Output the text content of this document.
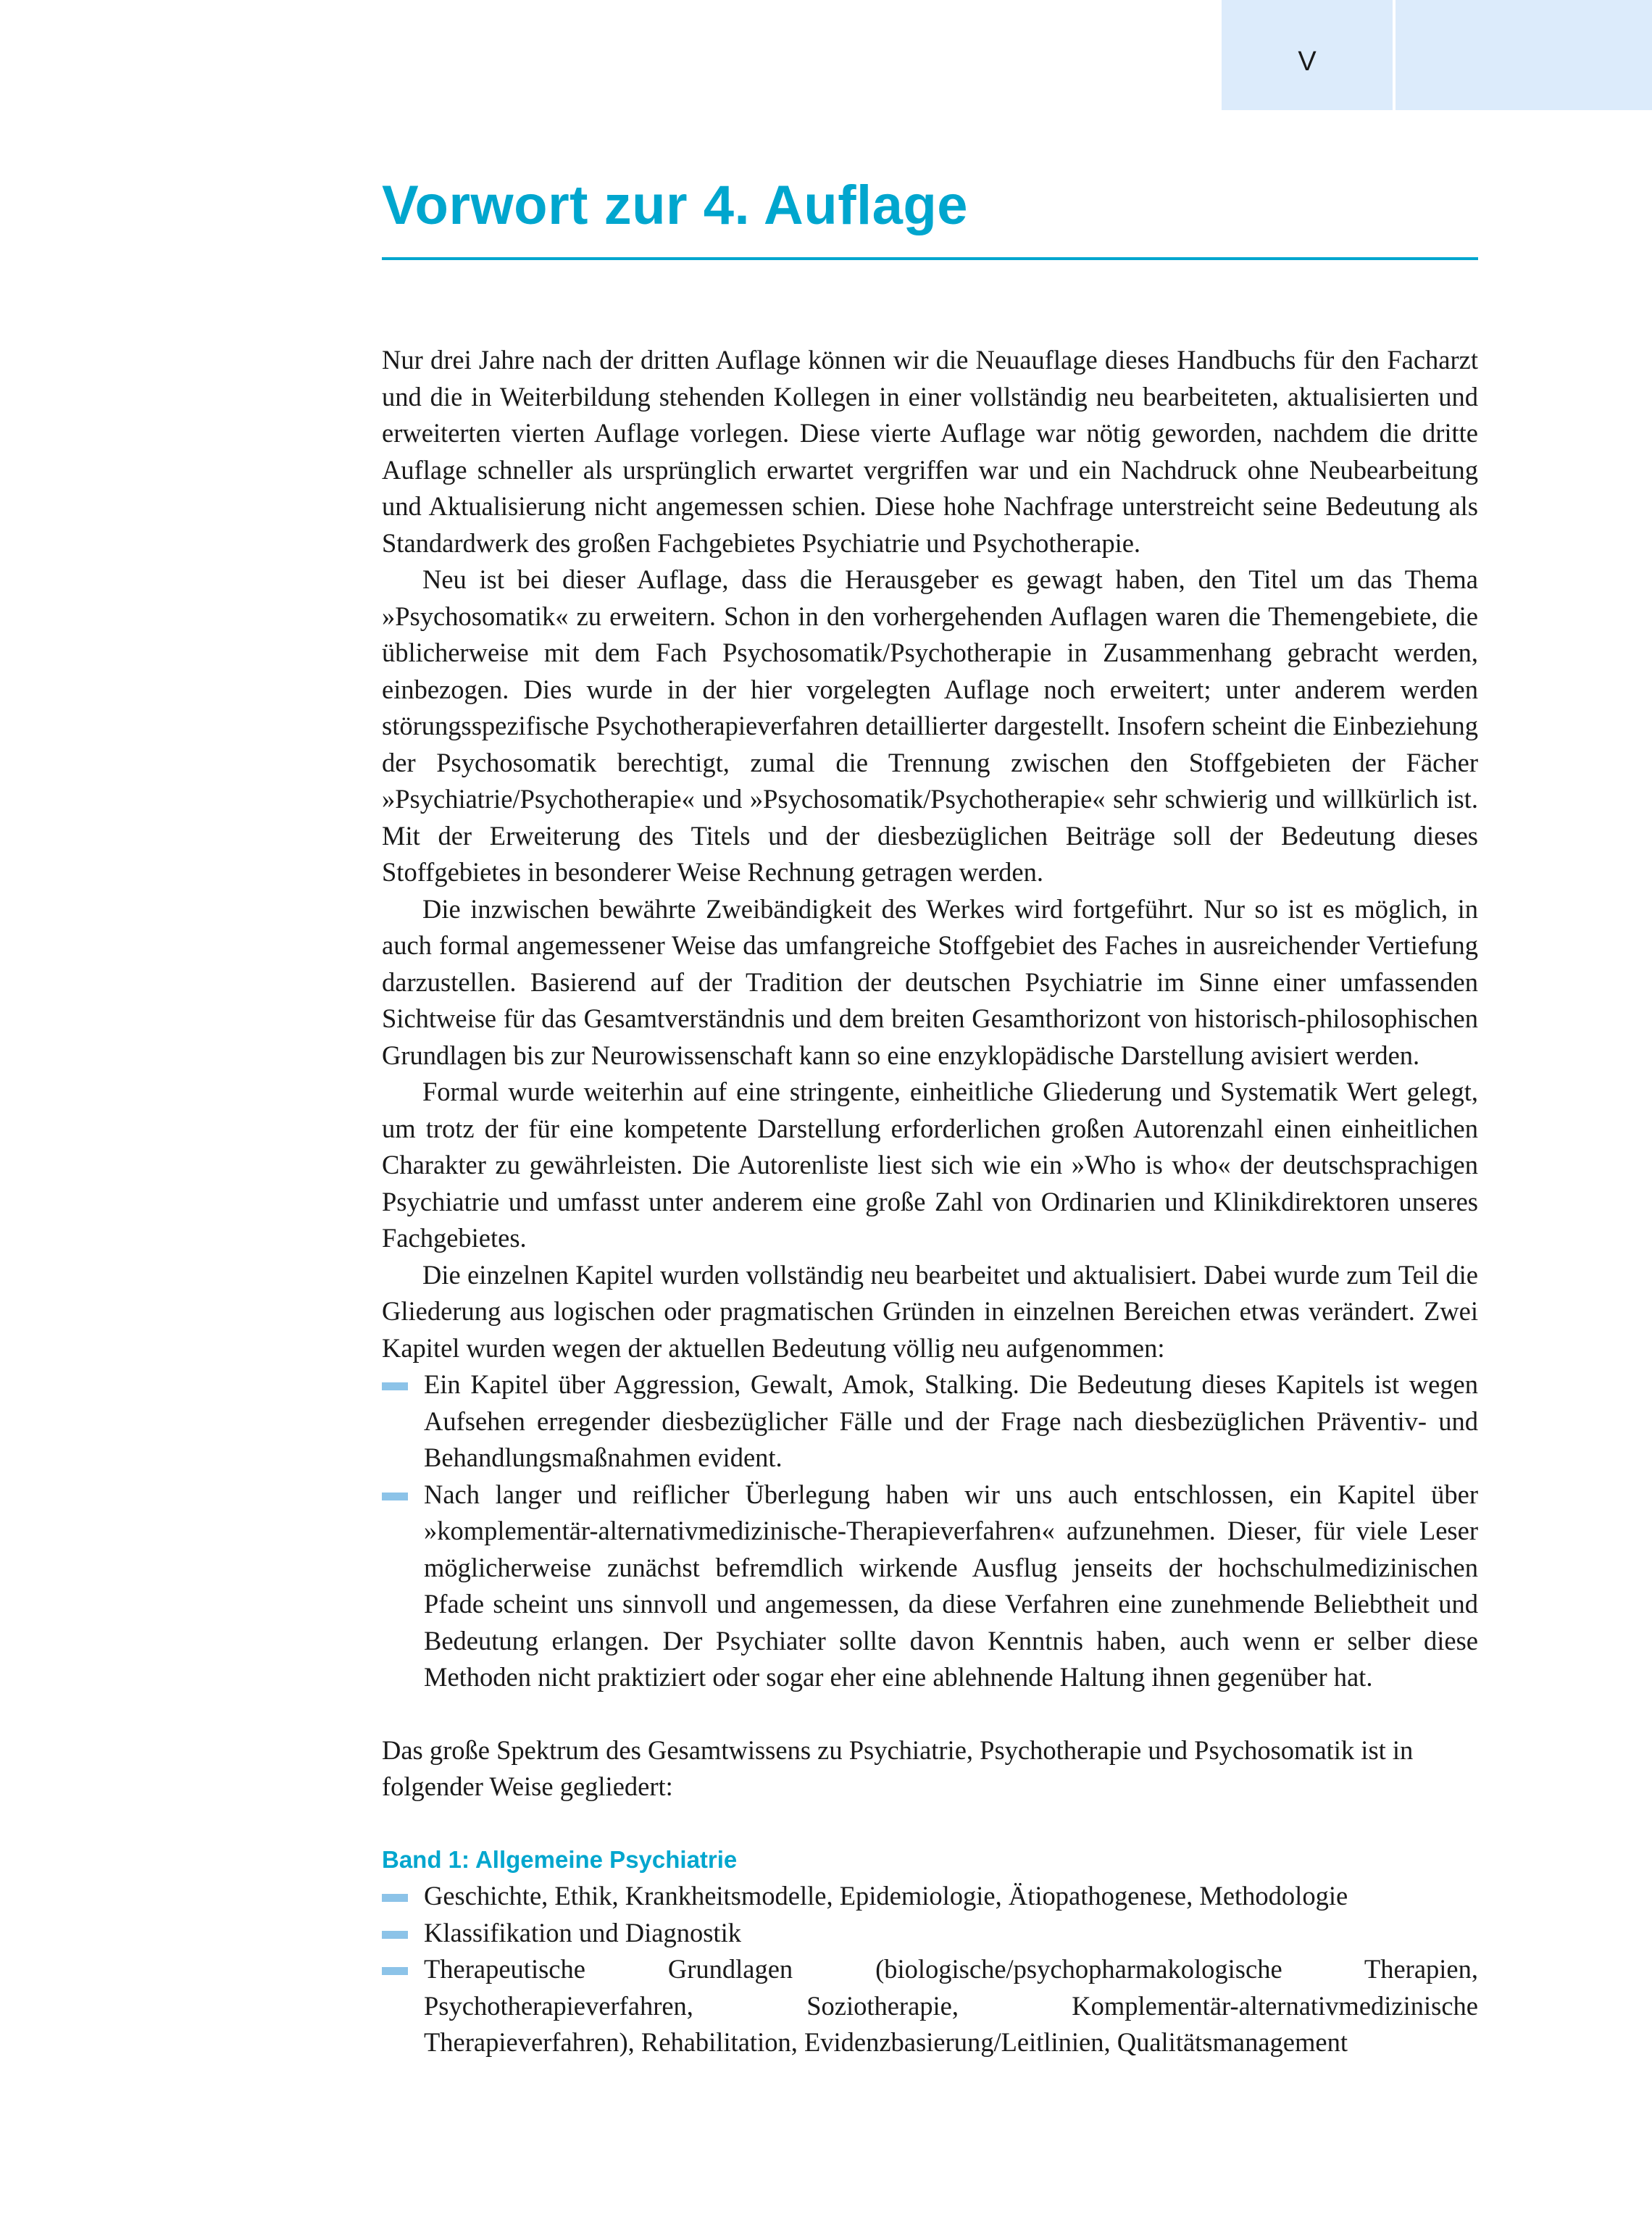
V
Vorwort zur 4. Auflage

Nur drei Jahre nach der dritten Auflage können wir die Neuauflage dieses Handbuchs für den Facharzt und die in Weiterbildung stehenden Kollegen in einer vollständig neu bearbeiteten, aktualisierten und erweiterten vierten Auflage vorlegen. Diese vierte Auflage war nötig geworden, nachdem die dritte Auflage schneller als ursprünglich erwartet vergriffen war und ein Nachdruck ohne Neubearbeitung und Aktualisierung nicht angemessen schien. Diese hohe Nachfrage unterstreicht seine Bedeutung als Standardwerk des großen Fachgebietes Psychiatrie und Psychotherapie.

Neu ist bei dieser Auflage, dass die Herausgeber es gewagt haben, den Titel um das Thema »Psychosomatik« zu erweitern. Schon in den vorhergehenden Auflagen waren die Themengebiete, die üblicherweise mit dem Fach Psychosomatik/Psychotherapie in Zusammenhang gebracht werden, einbezogen. Dies wurde in der hier vorgelegten Auflage noch erweitert; unter anderem werden störungsspezifische Psychotherapieverfahren detaillierter dargestellt. Insofern scheint die Einbeziehung der Psychosomatik berechtigt, zumal die Trennung zwischen den Stoffgebieten der Fächer »Psychiatrie/Psychotherapie« und »Psychosomatik/Psychotherapie« sehr schwierig und willkürlich ist. Mit der Erweiterung des Titels und der diesbezüglichen Beiträge soll der Bedeutung dieses Stoffgebietes in besonderer Weise Rechnung getragen werden.

Die inzwischen bewährte Zweibändigkeit des Werkes wird fortgeführt. Nur so ist es möglich, in auch formal angemessener Weise das umfangreiche Stoffgebiet des Faches in ausreichender Vertiefung darzustellen. Basierend auf der Tradition der deutschen Psychiatrie im Sinne einer umfassenden Sichtweise für das Gesamtverständnis und dem breiten Gesamthorizont von historisch-philosophischen Grundlagen bis zur Neurowissenschaft kann so eine enzyklopädische Darstellung avisiert werden.

Formal wurde weiterhin auf eine stringente, einheitliche Gliederung und Systematik Wert gelegt, um trotz der für eine kompetente Darstellung erforderlichen großen Autorenzahl einen einheitlichen Charakter zu gewährleisten. Die Autorenliste liest sich wie ein »Who is who« der deutschsprachigen Psychiatrie und umfasst unter anderem eine große Zahl von Ordinarien und Klinikdirektoren unseres Fachgebietes.

Die einzelnen Kapitel wurden vollständig neu bearbeitet und aktualisiert. Dabei wurde zum Teil die Gliederung aus logischen oder pragmatischen Gründen in einzelnen Bereichen etwas verändert. Zwei Kapitel wurden wegen der aktuellen Bedeutung völlig neu aufgenommen:

Ein Kapitel über Aggression, Gewalt, Amok, Stalking. Die Bedeutung dieses Kapitels ist wegen Aufsehen erregender diesbezüglicher Fälle und der Frage nach diesbezüglichen Präventiv- und Behandlungsmaßnahmen evident.
Nach langer und reiflicher Überlegung haben wir uns auch entschlossen, ein Kapitel über »komplementär-alternativmedizinische-Therapieverfahren« aufzunehmen. Dieser, für viele Leser möglicherweise zunächst befremdlich wirkende Ausflug jenseits der hochschulmedizinischen Pfade scheint uns sinnvoll und angemessen, da diese Verfahren eine zunehmende Beliebtheit und Bedeutung erlangen. Der Psychiater sollte davon Kenntnis haben, auch wenn er selber diese Methoden nicht praktiziert oder sogar eher eine ablehnende Haltung ihnen gegenüber hat.

Das große Spektrum des Gesamtwissens zu Psychiatrie, Psychotherapie und Psychosomatik ist in folgender Weise gegliedert:

Band 1: Allgemeine Psychiatrie
Geschichte, Ethik, Krankheitsmodelle, Epidemiologie, Ätiopathogenese, Methodologie
Klassifikation und Diagnostik
Therapeutische Grundlagen (biologische/psychopharmakologische Therapien, Psychotherapieverfahren, Soziotherapie, Komplementär-alternativmedizinische Therapieverfahren), Rehabilitation, Evidenzbasierung/Leitlinien, Qualitätsmanagement
